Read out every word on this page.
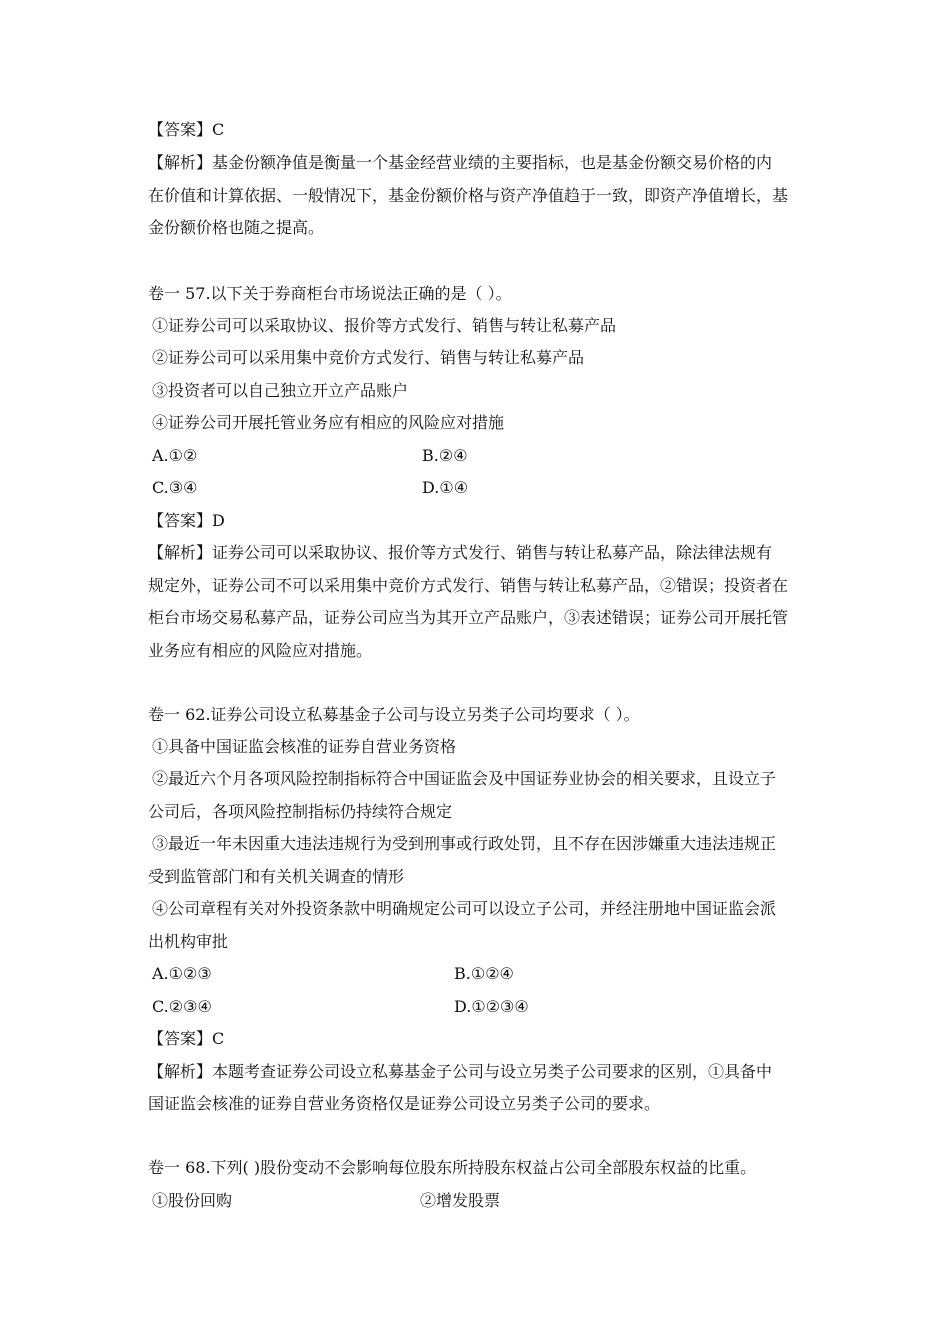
【答案】C
【解析】基金份额净值是衡量一个基金经营业绩的主要指标，也是基金份额交易价格的内
在价值和计算依据、一般情况下，基金份额价格与资产净值趋于一致，即资产净值增长，基
金份额价格也随之提高。
卷一 57.以下关于券商柜台市场说法正确的是（ ）。
①证券公司可以采取协议、报价等方式发行、销售与转让私募产品
②证券公司可以采用集中竞价方式发行、销售与转让私募产品
③投资者可以自己独立开立产品账户
④证券公司开展托管业务应有相应的风险应对措施
A.①②	B.②④
C.③④	D.①④
【答案】D
【解析】证券公司可以采取协议、报价等方式发行、销售与转让私募产品，除法律法规有
规定外，证券公司不可以采用集中竞价方式发行、销售与转让私募产品，②错误；投资者在
柜台市场交易私募产品，证券公司应当为其开立产品账户，③表述错误；证券公司开展托管
业务应有相应的风险应对措施。
卷一 62.证券公司设立私募基金子公司与设立另类子公司均要求（ ）。
①具备中国证监会核准的证券自营业务资格
②最近六个月各项风险控制指标符合中国证监会及中国证券业协会的相关要求，且设立子
公司后，各项风险控制指标仍持续符合规定
③最近一年未因重大违法违规行为受到刑事或行政处罚，且不存在因涉嫌重大违法违规正
受到监管部门和有关机关调查的情形
④公司章程有关对外投资条款中明确规定公司可以设立子公司，并经注册地中国证监会派
出机构审批
A.①②③	B.①②④
C.②③④	D.①②③④
【答案】C
【解析】本题考查证券公司设立私募基金子公司与设立另类子公司要求的区别，①具备中
国证监会核准的证券自营业务资格仅是证券公司设立另类子公司的要求。
卷一 68.下列( )股份变动不会影响每位股东所持股东权益占公司全部股东权益的比重。
①股份回购	②增发股票
